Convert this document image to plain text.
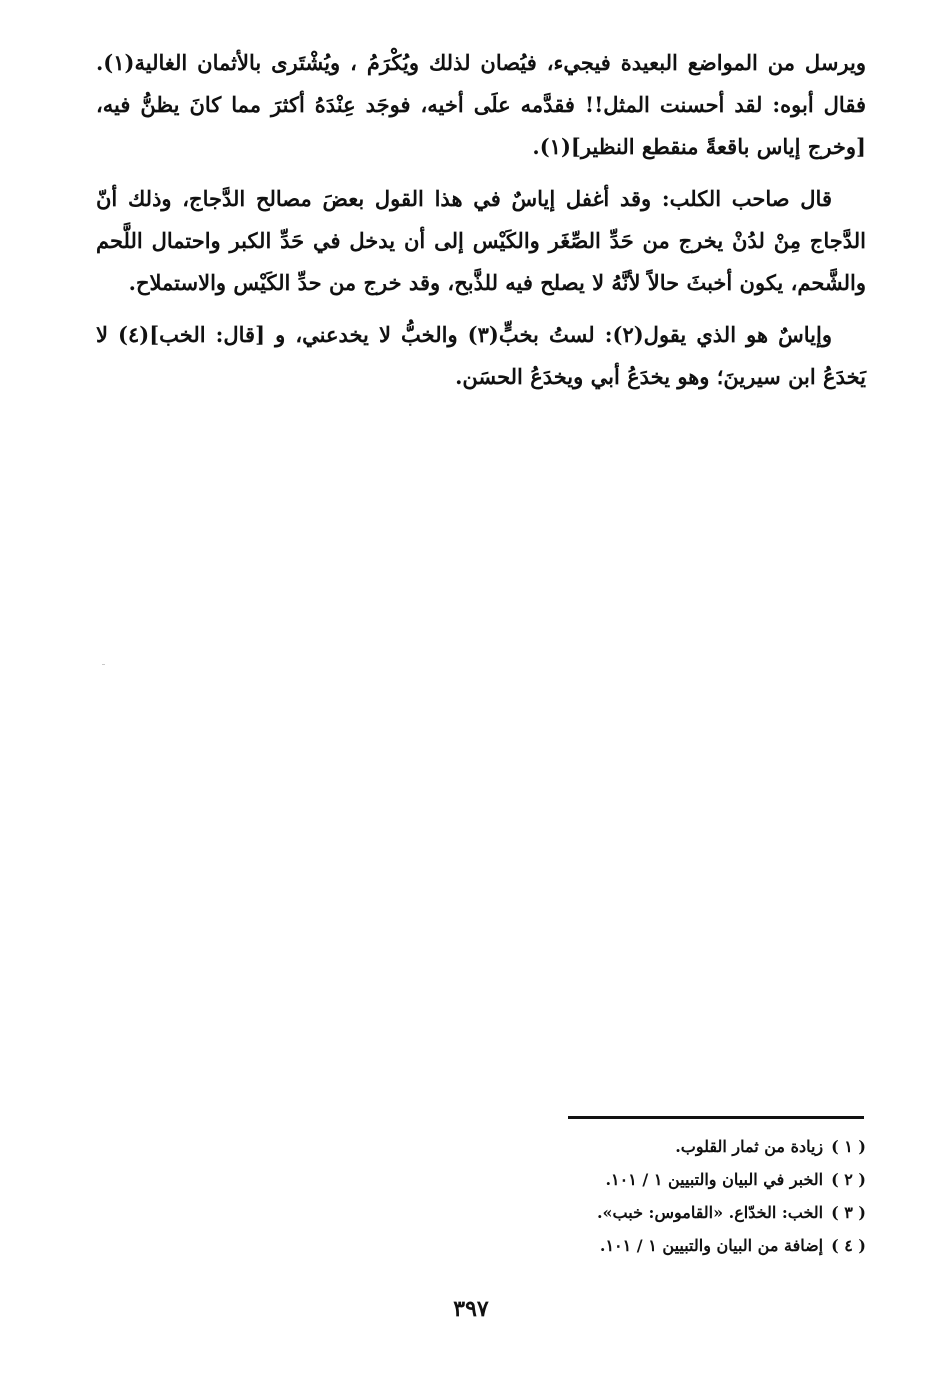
ويرسل من المواضع البعيدة فيجيء، فيُصان لذلك ويُكْرَمُ ، ويُشْتَرى بالأثمان الغالية(١). فقال أبوه: لقد أحسنت المثل!! فقدَّمه علَى أخيه، فوجَد عِنْدَهُ أكثرَ مما كانَ يظنُّ فيه، [وخرج إياس باقعةً منقطع النظير](١).

قال صاحب الكلب: وقد أغفل إياسٌ في هذا القول بعضَ مصالح الدَّجاج، وذلك أنّ الدَّجاج مِنْ لدُنْ يخرج من حَدِّ الصِّغَر والكَيْس إلى أن يدخل في حَدِّ الكبر واحتمال اللَّحم والشَّحم، يكون أخبثَ حالاً لأنَّهُ لا يصلح فيه للذَّبح، وقد خرج من حدِّ الكَيْس والاستملاح.

وإياسٌ هو الذي يقول(٢): لستُ بخبٍّ(٣) والخبُّ لا يخدعني، و [قال: الخب](٤) لا يَخدَعُ ابن سيرينَ؛ وهو يخدَعُ أبي ويخدَعُ الحسَن.

( ١ )زيادة من ثمار القلوب.
( ٢ )الخبر في البيان والتبيين ١ / ١٠١.
( ٣ )الخب: الخدّاع. «القاموس: خبب».
( ٤ )إضافة من البيان والتبيين ١ / ١٠١.
٣٩٧
